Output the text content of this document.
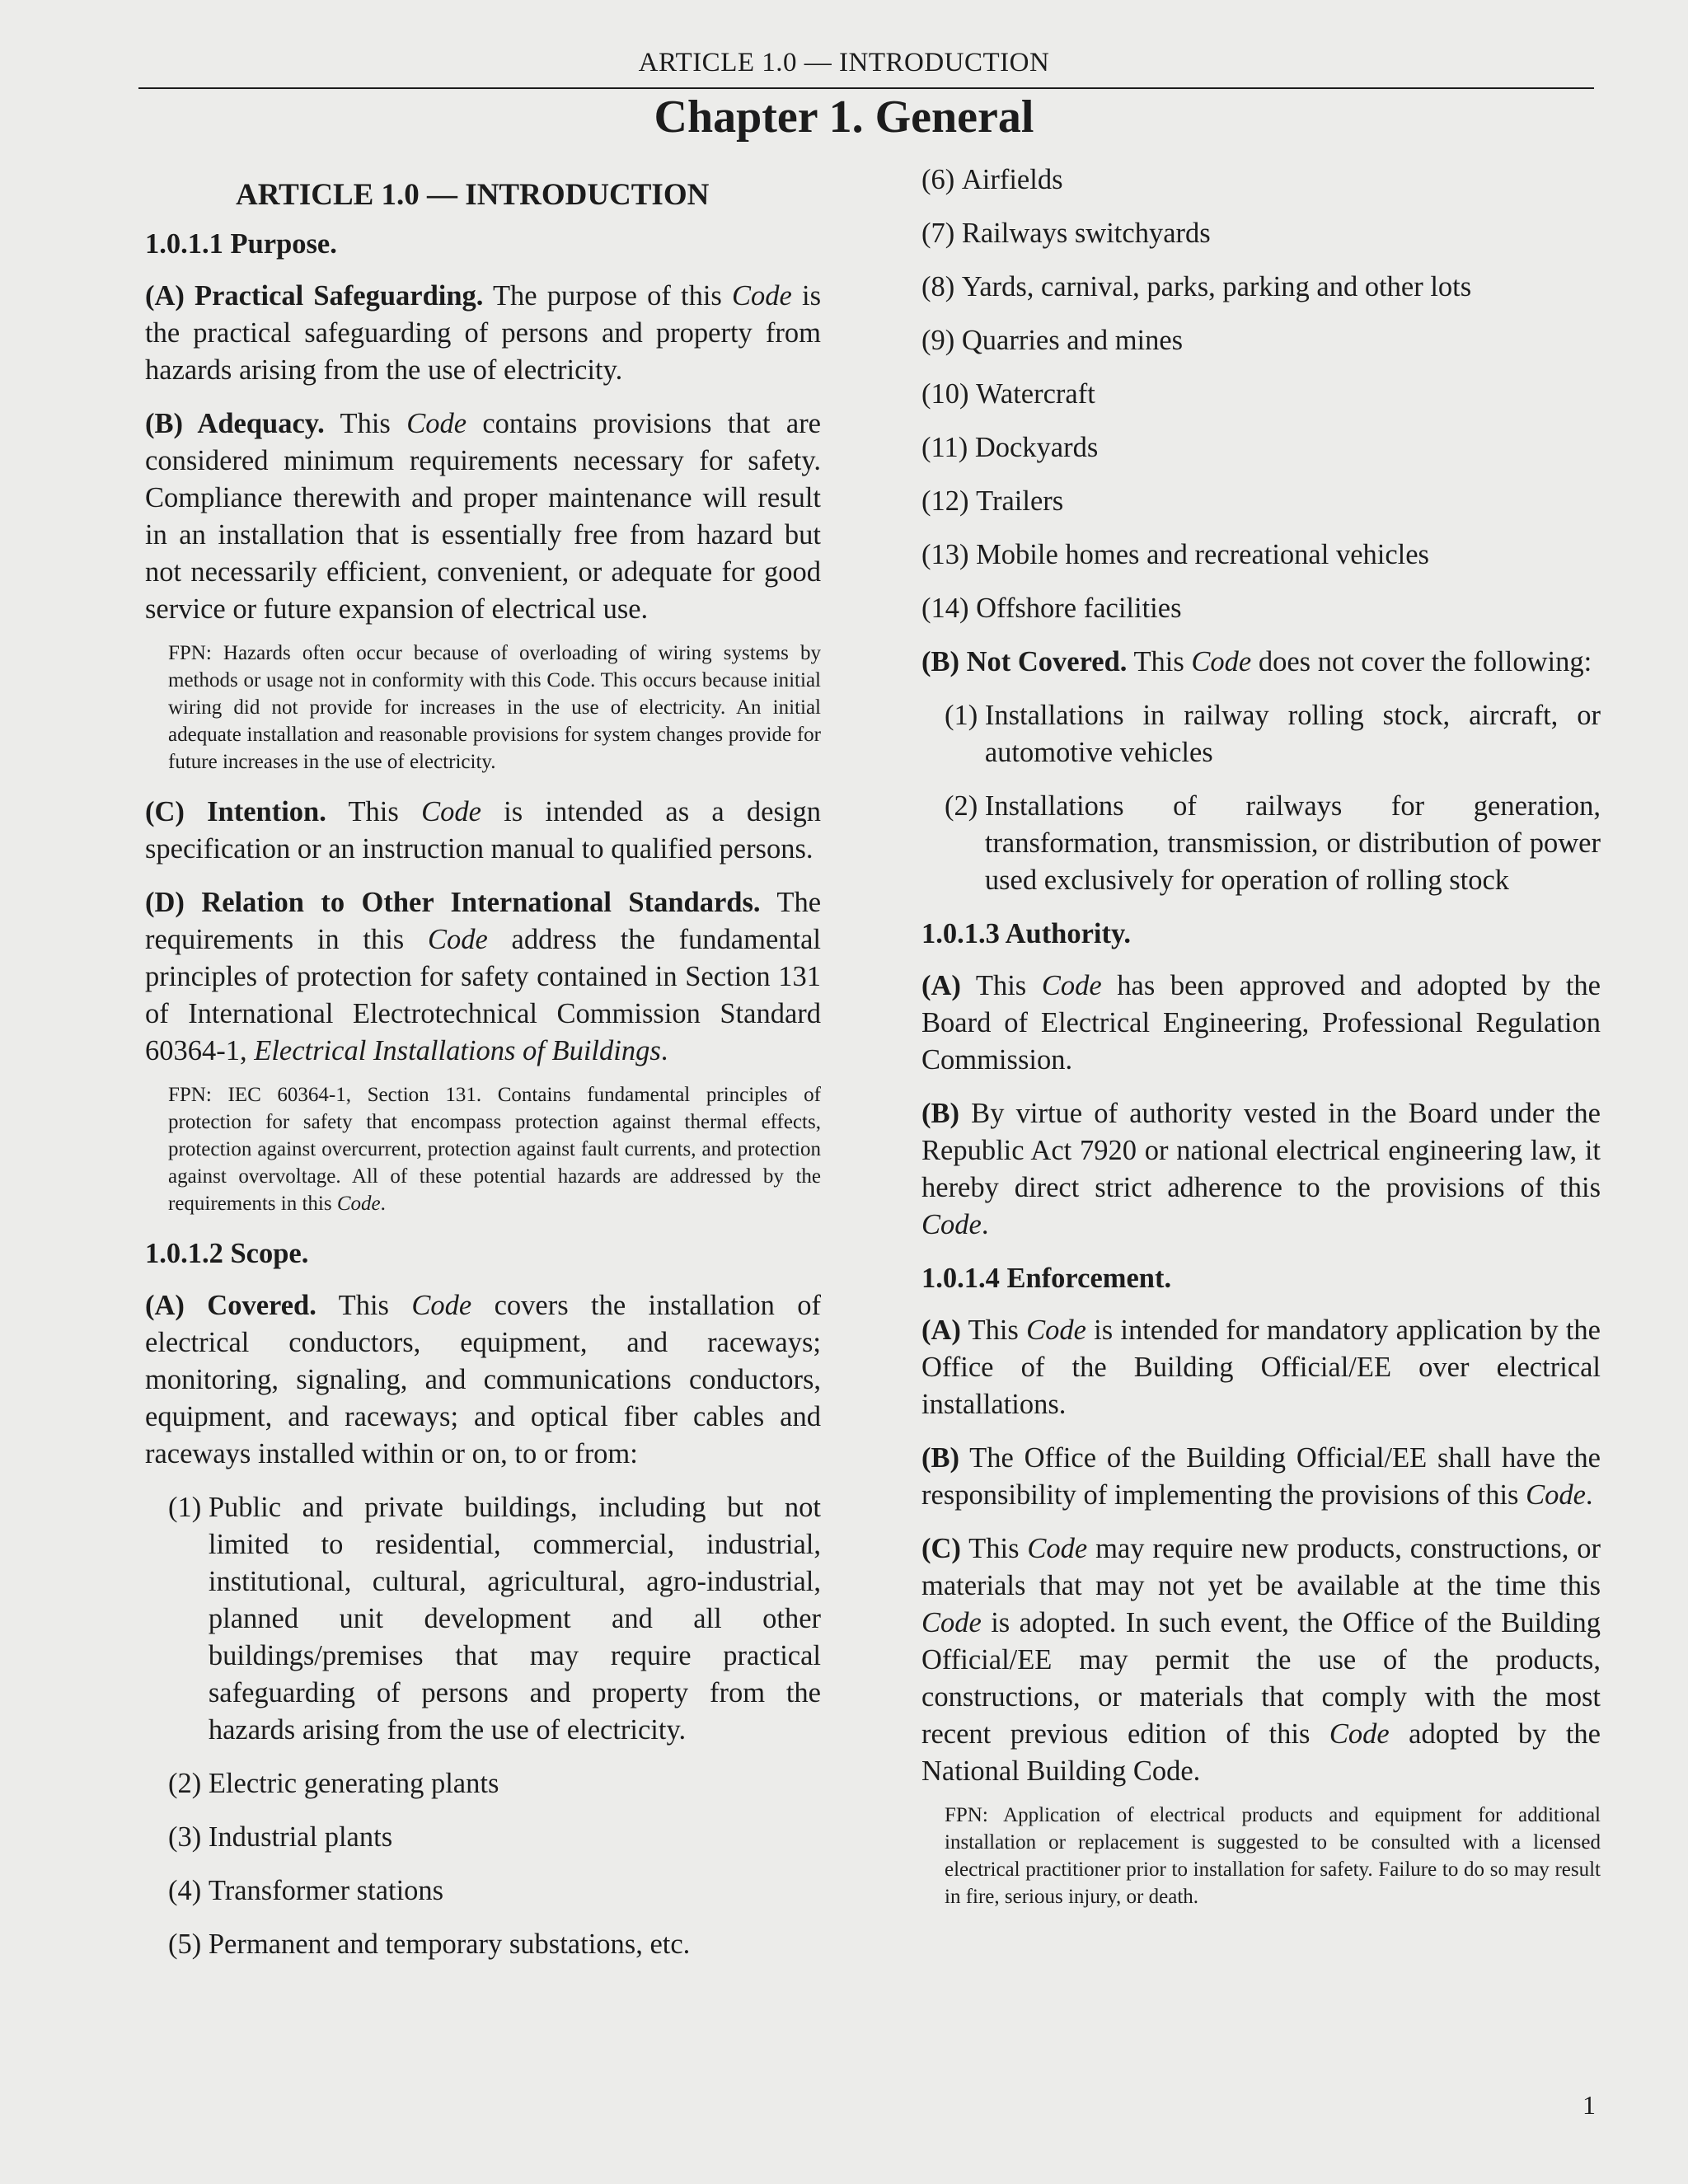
ARTICLE 1.0 — INTRODUCTION
Chapter 1. General
ARTICLE 1.0 — INTRODUCTION
1.0.1.1 Purpose.

(A) Practical Safeguarding. The purpose of this Code is the practical safeguarding of persons and property from hazards arising from the use of electricity.

(B) Adequacy. This Code contains provisions that are considered minimum requirements necessary for safety. Compliance therewith and proper maintenance will result in an installation that is essentially free from hazard but not necessarily efficient, convenient, or adequate for good service or future expansion of electrical use.

FPN: Hazards often occur because of overloading of wiring systems by methods or usage not in conformity with this Code. This occurs because initial wiring did not provide for increases in the use of electricity. An initial adequate installation and reasonable provisions for system changes provide for future increases in the use of electricity.

(C) Intention. This Code is intended as a design specification or an instruction manual to qualified persons.

(D) Relation to Other International Standards. The requirements in this Code address the fundamental principles of protection for safety contained in Section 131 of International Electrotechnical Commission Standard 60364-1, Electrical Installations of Buildings.

FPN: IEC 60364-1, Section 131. Contains fundamental principles of protection for safety that encompass protection against thermal effects, protection against overcurrent, protection against fault currents, and protection against overvoltage. All of these potential hazards are addressed by the requirements in this Code.
1.0.1.2 Scope.

(A) Covered. This Code covers the installation of electrical conductors, equipment, and raceways; monitoring, signaling, and communications conductors, equipment, and raceways; and optical fiber cables and raceways installed within or on, to or from:

(1) Public and private buildings, including but not limited to residential, commercial, industrial, institutional, cultural, agricultural, agro-industrial, planned unit development and all other buildings/premises that may require practical safeguarding of persons and property from the hazards arising from the use of electricity.
(2) Electric generating plants
(3) Industrial plants
(4) Transformer stations
(5) Permanent and temporary substations, etc.
(6) Airfields
(7) Railways switchyards
(8) Yards, carnival, parks, parking and other lots
(9) Quarries and mines
(10) Watercraft
(11) Dockyards
(12) Trailers
(13) Mobile homes and recreational vehicles
(14) Offshore facilities

(B) Not Covered. This Code does not cover the following:

(1) Installations in railway rolling stock, aircraft, or automotive vehicles
(2) Installations of railways for generation, transformation, transmission, or distribution of power used exclusively for operation of rolling stock
1.0.1.3 Authority.

(A) This Code has been approved and adopted by the Board of Electrical Engineering, Professional Regulation Commission.

(B) By virtue of authority vested in the Board under the Republic Act 7920 or national electrical engineering law, it hereby direct strict adherence to the provisions of this Code.

1.0.1.4 Enforcement.

(A) This Code is intended for mandatory application by the Office of the Building Official/EE over electrical installations.

(B) The Office of the Building Official/EE shall have the responsibility of implementing the provisions of this Code.

(C) This Code may require new products, constructions, or materials that may not yet be available at the time this Code is adopted. In such event, the Office of the Building Official/EE may permit the use of the products, constructions, or materials that comply with the most recent previous edition of this Code adopted by the National Building Code.

FPN: Application of electrical products and equipment for additional installation or replacement is suggested to be consulted with a licensed electrical practitioner prior to installation for safety. Failure to do so may result in fire, serious injury, or death.
1
